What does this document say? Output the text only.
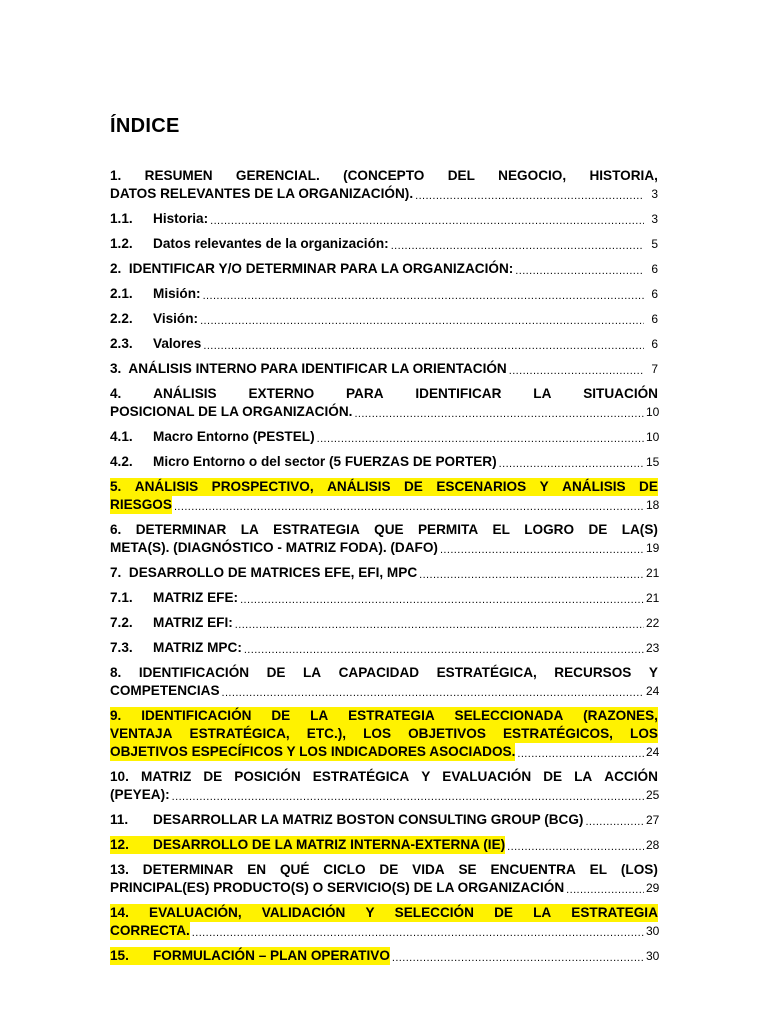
ÍNDICE
1. RESUMEN GERENCIAL. (CONCEPTO DEL NEGOCIO, HISTORIA,
DATOS RELEVANTES DE LA ORGANIZACIÓN). .....	3
1.1. Historia: .....	3
1.2. Datos relevantes de la organización: .....	5
2.  IDENTIFICAR Y/O DETERMINAR PARA LA ORGANIZACIÓN: .....	6
2.1. Misión: .....	6
2.2. Visión: .....	6
2.3. Valores .....	6
3.  ANÁLISIS INTERNO PARA IDENTIFICAR LA ORIENTACIÓN .....	7
4. ANÁLISIS EXTERNO PARA IDENTIFICAR LA SITUACIÓN
POSICIONAL DE LA ORGANIZACIÓN. .....	10
4.1. Macro Entorno (PESTEL) .....	10
4.2. Micro Entorno o del sector (5 FUERZAS DE PORTER) .....	15
5. ANÁLISIS PROSPECTIVO, ANÁLISIS DE ESCENARIOS Y ANÁLISIS DE
RIESGOS .....	18
6. DETERMINAR LA ESTRATEGIA QUE PERMITA EL LOGRO DE LA(S)
META(S). (DIAGNÓSTICO - MATRIZ FODA). (DAFO) .....	19
7.  DESARROLLO DE MATRICES EFE, EFI, MPC .....	21
7.1. MATRIZ EFE: .....	21
7.2. MATRIZ EFI: .....	22
7.3. MATRIZ MPC: .....	23
8. IDENTIFICACIÓN DE LA CAPACIDAD ESTRATÉGICA, RECURSOS Y
COMPETENCIAS .....	24
9. IDENTIFICACIÓN DE LA ESTRATEGIA SELECCIONADA (RAZONES,
VENTAJA ESTRATÉGICA, ETC.), LOS OBJETIVOS ESTRATÉGICOS, LOS
OBJETIVOS ESPECÍFICOS Y LOS INDICADORES ASOCIADOS. .....	24
10. MATRIZ DE POSICIÓN ESTRATÉGICA Y EVALUACIÓN DE LA ACCIÓN
(PEYEA): .....	25
11. DESARROLLAR LA MATRIZ BOSTON CONSULTING GROUP (BCG) .....	27
12. DESARROLLO DE LA MATRIZ INTERNA-EXTERNA (IE) .....	28
13. DETERMINAR EN QUÉ CICLO DE VIDA SE ENCUENTRA EL (LOS)
PRINCIPAL(ES) PRODUCTO(S) O SERVICIO(S) DE LA ORGANIZACIÓN .....	29
14. EVALUACIÓN, VALIDACIÓN Y SELECCIÓN DE LA ESTRATEGIA
CORRECTA. .....	30
15. FORMULACIÓN – PLAN OPERATIVO .....	30
